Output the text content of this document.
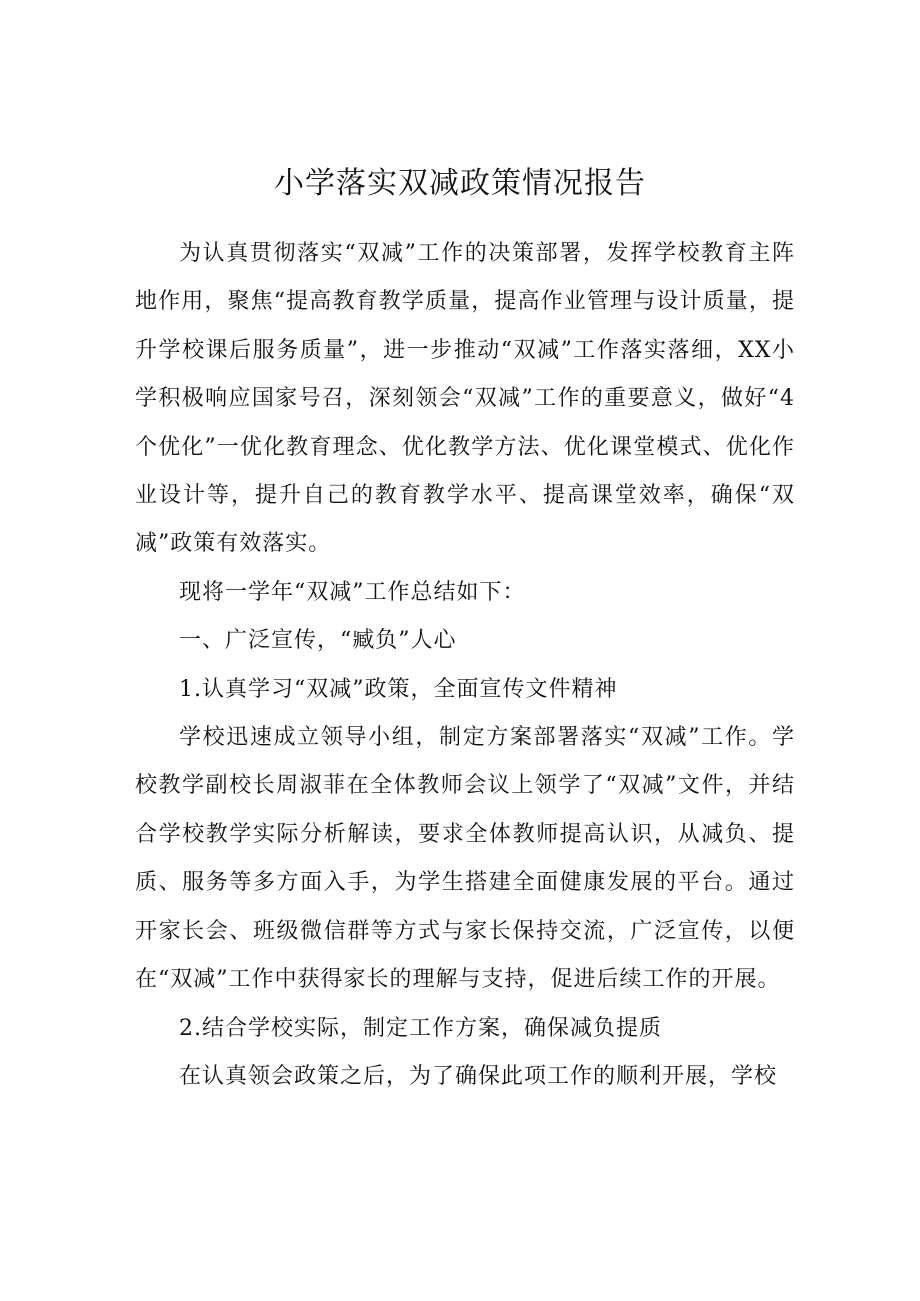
小学落实双减政策情况报告

为认真贯彻落实“双减”工作的决策部署，发挥学校教育主阵地作用，聚焦“提高教育教学质量，提高作业管理与设计质量，提升学校课后服务质量”，进一步推动“双减”工作落实落细，XX小学积极响应国家号召，深刻领会“双减”工作的重要意义，做好“4个优化”一优化教育理念、优化教学方法、优化课堂模式、优化作业设计等，提升自己的教育教学水平、提高课堂效率，确保“双减”政策有效落实。

现将一学年“双减”工作总结如下：

一、广泛宣传，“臧负”人心

1.认真学习“双减”政策，全面宣传文件精神

学校迅速成立领导小组，制定方案部署落实“双减”工作。学校教学副校长周淑菲在全体教师会议上领学了“双减”文件，并结合学校教学实际分析解读，要求全体教师提高认识，从减负、提质、服务等多方面入手，为学生搭建全面健康发展的平台。通过开家长会、班级微信群等方式与家长保持交流，广泛宣传，以便在“双减”工作中获得家长的理解与支持，促进后续工作的开展。

2.结合学校实际，制定工作方案，确保减负提质

在认真领会政策之后，为了确保此项工作的顺利开展，学校
